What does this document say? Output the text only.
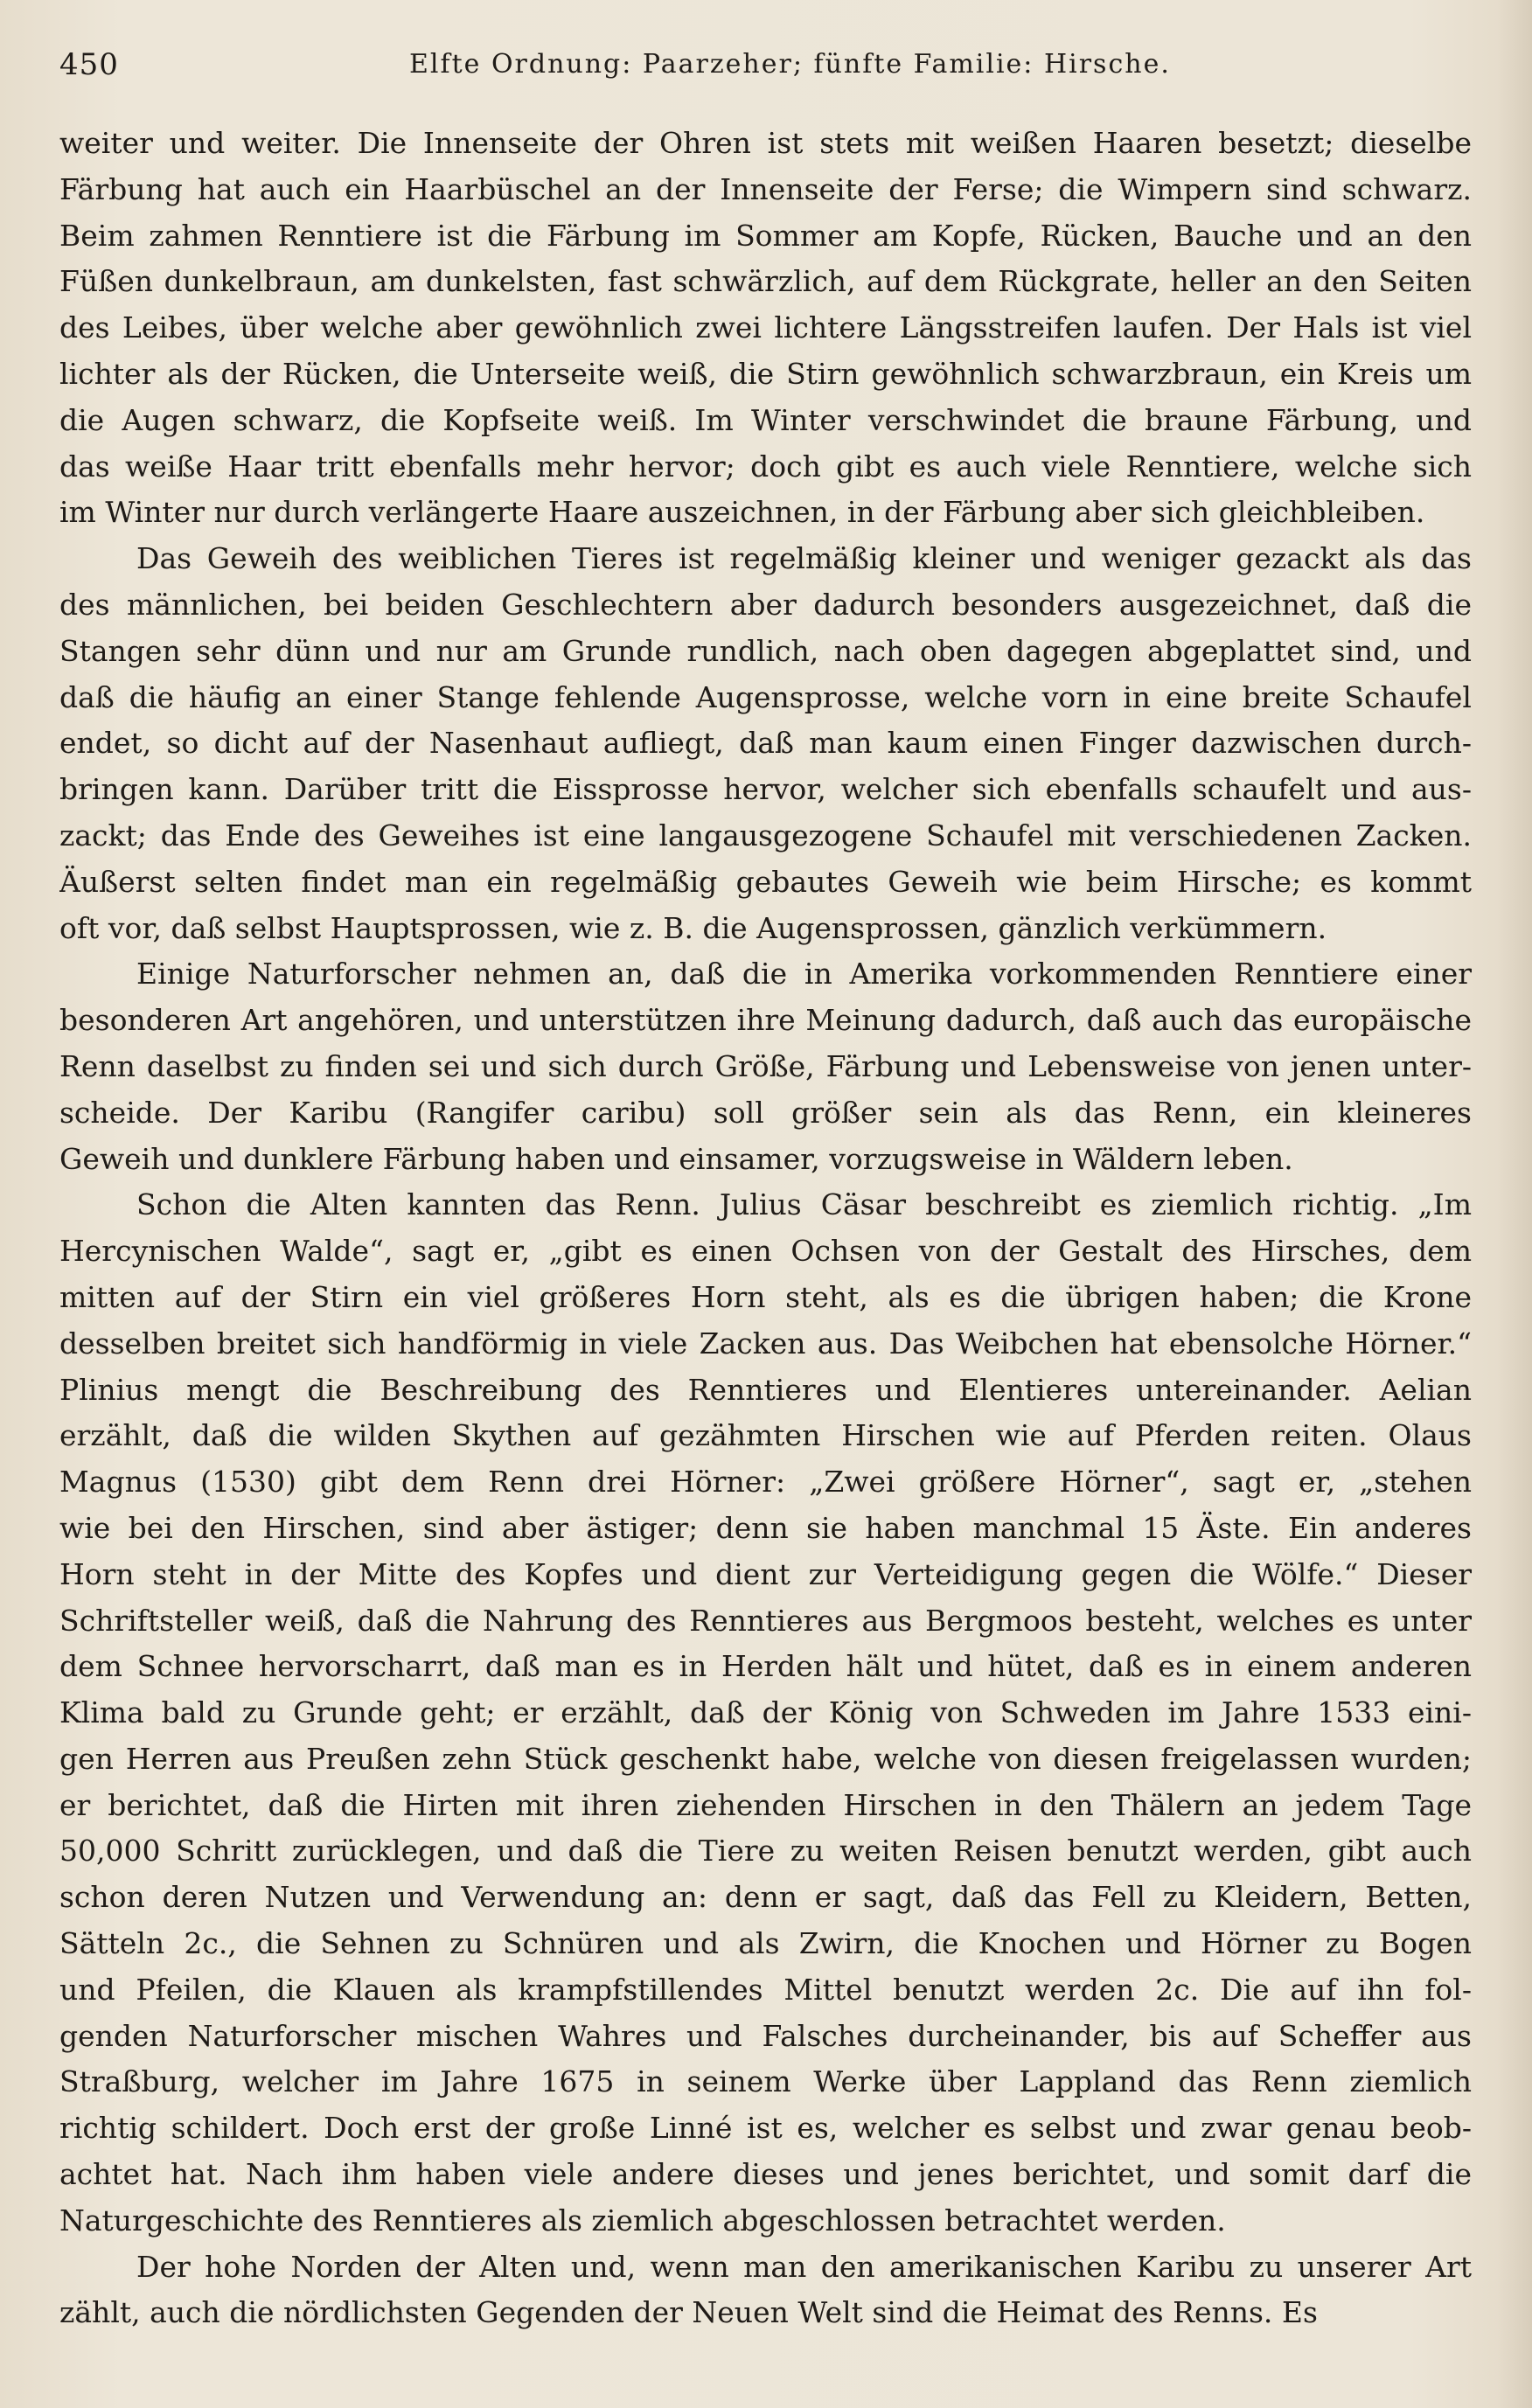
450	Elfte Ordnung: Paarzeher; fünfte Familie: Hirsche.
weiter und weiter. Die Innenseite der Ohren ist stets mit weißen Haaren besetzt; dieselbe
Färbung hat auch ein Haarbüschel an der Innenseite der Ferse; die Wimpern sind schwarz.
Beim zahmen Renntiere ist die Färbung im Sommer am Kopfe, Rücken, Bauche und an den
Füßen dunkelbraun, am dunkelsten, fast schwärzlich, auf dem Rückgrate, heller an den Seiten
des Leibes, über welche aber gewöhnlich zwei lichtere Längsstreifen laufen. Der Hals ist viel
lichter als der Rücken, die Unterseite weiß, die Stirn gewöhnlich schwarzbraun, ein Kreis um
die Augen schwarz, die Kopfseite weiß. Im Winter verschwindet die braune Färbung, und
das weiße Haar tritt ebenfalls mehr hervor; doch gibt es auch viele Renntiere, welche sich
im Winter nur durch verlängerte Haare auszeichnen, in der Färbung aber sich gleichbleiben.
Das Geweih des weiblichen Tieres ist regelmäßig kleiner und weniger gezackt als das
des männlichen, bei beiden Geschlechtern aber dadurch besonders ausgezeichnet, daß die
Stangen sehr dünn und nur am Grunde rundlich, nach oben dagegen abgeplattet sind, und
daß die häufig an einer Stange fehlende Augensprosse, welche vorn in eine breite Schaufel
endet, so dicht auf der Nasenhaut aufliegt, daß man kaum einen Finger dazwischen durch-
bringen kann. Darüber tritt die Eissprosse hervor, welcher sich ebenfalls schaufelt und aus-
zackt; das Ende des Geweihes ist eine langausgezogene Schaufel mit verschiedenen Zacken.
Äußerst selten findet man ein regelmäßig gebautes Geweih wie beim Hirsche; es kommt
oft vor, daß selbst Hauptsprossen, wie z. B. die Augensprossen, gänzlich verkümmern.
Einige Naturforscher nehmen an, daß die in Amerika vorkommenden Renntiere einer
besonderen Art angehören, und unterstützen ihre Meinung dadurch, daß auch das europäische
Renn daselbst zu finden sei und sich durch Größe, Färbung und Lebensweise von jenen unter-
scheide. Der Karibu (Rangifer caribu) soll größer sein als das Renn, ein kleineres
Geweih und dunklere Färbung haben und einsamer, vorzugsweise in Wäldern leben.
Schon die Alten kannten das Renn. Julius Cäsar beschreibt es ziemlich richtig. „Im
Hercynischen Walde“, sagt er, „gibt es einen Ochsen von der Gestalt des Hirsches, dem
mitten auf der Stirn ein viel größeres Horn steht, als es die übrigen haben; die Krone
desselben breitet sich handförmig in viele Zacken aus. Das Weibchen hat ebensolche Hörner.“
Plinius mengt die Beschreibung des Renntieres und Elentieres untereinander. Aelian
erzählt, daß die wilden Skythen auf gezähmten Hirschen wie auf Pferden reiten. Olaus
Magnus (1530) gibt dem Renn drei Hörner: „Zwei größere Hörner“, sagt er, „stehen
wie bei den Hirschen, sind aber ästiger; denn sie haben manchmal 15 Äste. Ein anderes
Horn steht in der Mitte des Kopfes und dient zur Verteidigung gegen die Wölfe.“ Dieser
Schriftsteller weiß, daß die Nahrung des Renntieres aus Bergmoos besteht, welches es unter
dem Schnee hervorscharrt, daß man es in Herden hält und hütet, daß es in einem anderen
Klima bald zu Grunde geht; er erzählt, daß der König von Schweden im Jahre 1533 eini-
gen Herren aus Preußen zehn Stück geschenkt habe, welche von diesen freigelassen wurden;
er berichtet, daß die Hirten mit ihren ziehenden Hirschen in den Thälern an jedem Tage
50,000 Schritt zurücklegen, und daß die Tiere zu weiten Reisen benutzt werden, gibt auch
schon deren Nutzen und Verwendung an: denn er sagt, daß das Fell zu Kleidern, Betten,
Sätteln 2c., die Sehnen zu Schnüren und als Zwirn, die Knochen und Hörner zu Bogen
und Pfeilen, die Klauen als krampfstillendes Mittel benutzt werden 2c. Die auf ihn fol-
genden Naturforscher mischen Wahres und Falsches durcheinander, bis auf Scheffer aus
Straßburg, welcher im Jahre 1675 in seinem Werke über Lappland das Renn ziemlich
richtig schildert. Doch erst der große Linné ist es, welcher es selbst und zwar genau beob-
achtet hat. Nach ihm haben viele andere dieses und jenes berichtet, und somit darf die
Naturgeschichte des Renntieres als ziemlich abgeschlossen betrachtet werden.
Der hohe Norden der Alten und, wenn man den amerikanischen Karibu zu unserer Art
zählt, auch die nördlichsten Gegenden der Neuen Welt sind die Heimat des Renns. Es
